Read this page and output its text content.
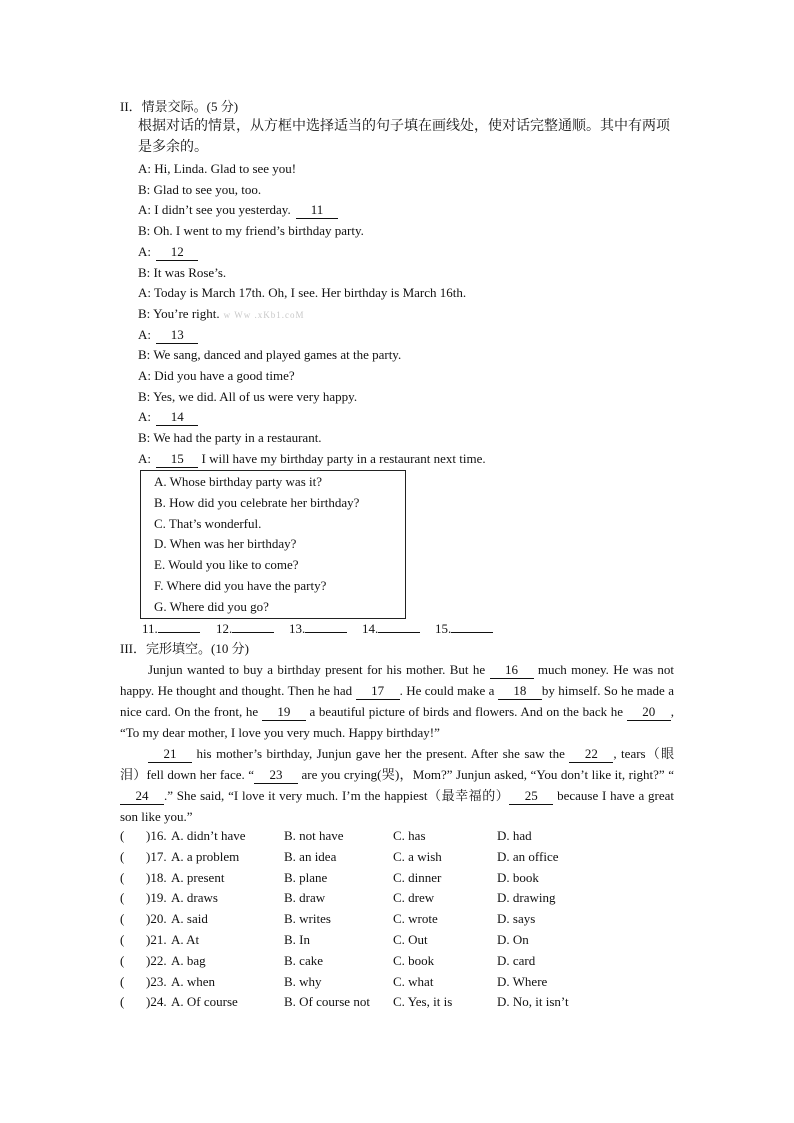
II．情景交际。(5 分)
根据对话的情景，从方框中选择适当的句子填在画线处，使对话完整通顺。其中有两项
是多余的。
A: Hi, Linda. Glad to see you!
B: Glad to see you, too.
A: I didn’t see you yesterday. 11
B: Oh. I went to my friend’s birthday party.
A: 12
B: It was Rose’s.
A: Today is March 17th. Oh, I see. Her birthday is March 16th.
B: You’re right. w Ww .xKb1.coM
A: 13
B: We sang, danced and played games at the party.
A: Did you have a good time?
B: Yes, we did. All of us were very happy.
A: 14
B: We had the party in a restaurant.
A: 15 I will have my birthday party in a restaurant next time.
A. Whose birthday party was it?
B. How did you celebrate her birthday?
C. That’s wonderful.
D. When was her birthday?
E. Would you like to come?
F. Where did you have the party?
G. Where did you go?
11.	12.	13.	14.	15.
III．完形填空。(10 分)
Junjun wanted to buy a birthday present for his mother. But he 16 much money. He was not happy. He thought and thought. Then he had 17 . He could make a 18 by himself. So he made a nice card. On the front, he 19 a beautiful picture of birds and flowers. And on the back he 20 , “To my dear mother, I love you very much. Happy birthday!”
21 his mother’s birthday, Junjun gave her the present. After she saw the 22 , tears（眼泪）fell down her face. “ 23 are you crying(哭)，Mom?” Junjun asked, “You don’t like it, right?” “24 .” She said, “I love it very much. I’m the happiest（最幸福的） 25 because I have a great son like you.”
( )16. A. didn’t have	B. not have	C. has	D. had
( )17. A. a problem	B. an idea	C. a wish	D. an office
( )18. A. present	B. plane	C. dinner	D. book
( )19. A. draws	B. draw	C. drew	D. drawing
( )20. A. said	B. writes	C. wrote	D. says
( )21. A. At	B. In	C. Out	D. On
( )22. A. bag	B. cake	C. book	D. card
( )23. A. when	B. why	C. what	D. Where
( )24. A. Of course	B. Of course not C. Yes, it is	D. No, it isn’t
